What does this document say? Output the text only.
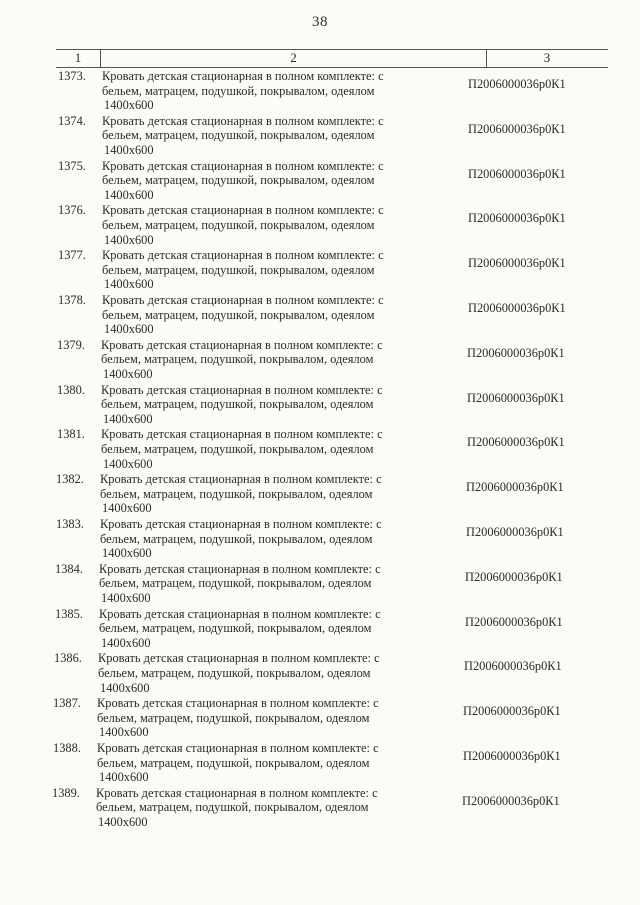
38
1	2	3
1373. Кровать детская стационарная в полном комплекте: с
бельем, матрацем, подушкой, покрывалом, одеялом
1400х600
П2006000036р0К1
1374. Кровать детская стационарная в полном комплекте: с
бельем, матрацем, подушкой, покрывалом, одеялом
1400х600
П2006000036р0К1
1375. Кровать детская стационарная в полном комплекте: с
бельем, матрацем, подушкой, покрывалом, одеялом
1400х600
П2006000036р0К1
1376. Кровать детская стационарная в полном комплекте: с
бельем, матрацем, подушкой, покрывалом, одеялом
1400х600
П2006000036р0К1
1377. Кровать детская стационарная в полном комплекте: с
бельем, матрацем, подушкой, покрывалом, одеялом
1400х600
П2006000036р0К1
1378. Кровать детская стационарная в полном комплекте: с
бельем, матрацем, подушкой, покрывалом, одеялом
1400х600
П2006000036р0К1
1379. Кровать детская стационарная в полном комплекте: с
бельем, матрацем, подушкой, покрывалом, одеялом
1400х600
П2006000036р0К1
1380. Кровать детская стационарная в полном комплекте: с
бельем, матрацем, подушкой, покрывалом, одеялом
1400х600
П2006000036р0К1
1381. Кровать детская стационарная в полном комплекте: с
бельем, матрацем, подушкой, покрывалом, одеялом
1400х600
П2006000036р0К1
1382. Кровать детская стационарная в полном комплекте: с
бельем, матрацем, подушкой, покрывалом, одеялом
1400х600
П2006000036р0К1
1383. Кровать детская стационарная в полном комплекте: с
бельем, матрацем, подушкой, покрывалом, одеялом
1400х600
П2006000036р0К1
1384. Кровать детская стационарная в полном комплекте: с
бельем, матрацем, подушкой, покрывалом, одеялом
1400х600
П2006000036р0К1
1385. Кровать детская стационарная в полном комплекте: с
бельем, матрацем, подушкой, покрывалом, одеялом
1400х600
П2006000036р0К1
1386. Кровать детская стационарная в полном комплекте: с
бельем, матрацем, подушкой, покрывалом, одеялом
1400х600
П2006000036р0К1
1387. Кровать детская стационарная в полном комплекте: с
бельем, матрацем, подушкой, покрывалом, одеялом
1400х600
П2006000036р0К1
1388. Кровать детская стационарная в полном комплекте: с
бельем, матрацем, подушкой, покрывалом, одеялом
1400х600
П2006000036р0К1
1389. Кровать детская стационарная в полном комплекте: с
бельем, матрацем, подушкой, покрывалом, одеялом
1400х600
П2006000036р0К1
